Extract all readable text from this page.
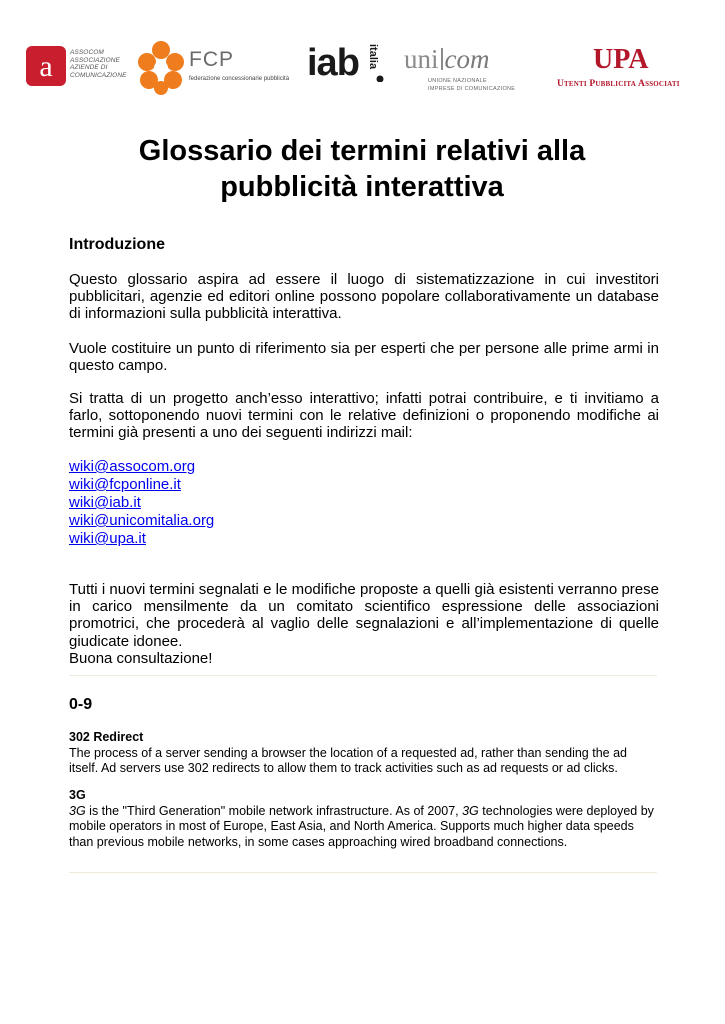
a	ASSOCOM
ASSOCIAZIONE
AZIENDE DI
COMUNICAZIONE
FCP
federazione concessionarie pubblicità iab italia uni com
UNIONE NAZIONALE
IMPRESE DI COMUNICAZIONE
UPA
Utenti Pubblicita Associati
Glossario dei termini relativi alla
pubblicità interattiva
Introduzione
Questo glossario aspira ad essere il luogo di sistematizzazione in cui investitori pubblicitari, agenzie ed editori online possono popolare collaborativamente un database di informazioni sulla pubblicità interattiva.
Vuole costituire un punto di riferimento sia per esperti che per persone alle prime armi in questo campo.
Si tratta di un progetto anch’esso interattivo; infatti potrai contribuire, e ti invitiamo a farlo, sottoponendo nuovi termini con le relative definizioni o proponendo modifiche ai termini già presenti a uno dei seguenti indirizzi mail:
wiki@assocom.org
wiki@fcponline.it
wiki@iab.it
wiki@unicomitalia.org
wiki@upa.it
Tutti i nuovi termini segnalati e le modifiche proposte a quelli già esistenti verranno prese in carico mensilmente da un comitato scientifico espressione delle associazioni promotrici, che procederà al vaglio delle segnalazioni e all’implementazione di quelle giudicate idonee.
Buona consultazione!
0-9
302 Redirect
The process of a server sending a browser the location of a requested ad, rather than sending the ad itself. Ad servers use 302 redirects to allow them to track activities such as ad requests or ad clicks.
3G
3G is the "Third Generation" mobile network infrastructure. As of 2007, 3G technologies were deployed by mobile operators in most of Europe, East Asia, and North America. Supports much higher data speeds than previous mobile networks, in some cases approaching wired broadband connections.
